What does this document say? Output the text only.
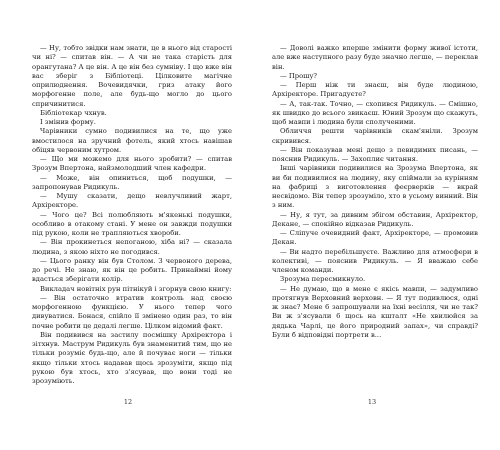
— Ну, тобто звідки нам знати, це в нього від старості чи ні? — спитав він. — А чи не така старість для орангутана? А це він. А це він без сумніву. І що вже він вас зберіг з Бібліотеці. Цілковите магічне оприлюднення. Вочевидячки, гриз атаку його морфогенне поле, але будь-що могло до цього спричинитися.

Бібліотекар чхнув.

І змінив форму.

Чарівники сумно подивилися на те, що уже вмостилося на зручний фотель, який хтось навішав обіцяв червоним хутром.

— Що ми можемо для нього зробити? — спитав Зрозум Впертона, найзмолодший член кафедри.

— Може, він опиниться, щоб подушки, — запропонував Ридикуль.

— Мушу сказати, дещо невлучливий жарт, Архіректоре.

— Чого це? Всі полюбляють м'якенькі подушки, особливо в отакому стані. У мене он завжди подушки під рукою, коли не трапляються хвороби.

— Він прокинеться непоганою, хіба ні? — сказала людина, з якою ніхто не погодився.

— Цього ранку він був Столом. З червоного дерева, до речі. Не знаю, як він це робить. Принаймні йому вдасться зберігати колір.

Викладач новітніх рун пітнікуй і згорнув свою книгу:

— Він остаточно втратив контроль над своєю морфогенною функцією. У нього тепер чого дивуватися. Бонася, спійло її змінено один раз, то він почне робити це дедалі легше. Цілком відомий факт.

Він подивився на застилу посмішку Архіректора і зітхнув. Маструм Ридикуль був знаменитий тим, що не тільки розуміє будь-що, але й почуває ноги — тільки якщо тільки хтось надавав щось зрозуміти, якщо під рукою був хтось, хто з'ясував, що вони тоді не зрозуміють.

12

— Доволі важко вперше змінити форму живої істоти, але вже наступного разу буде значно легше, — переклав він.

— Прошу?

— Перш ніж ти знаєш, він буде людиною, Архіректоре. Пригадуєте?

— А, так-так. Точно, — схопився Ридикуль. — Смішно, як швидко до всього звикаєш. Юний Зрозум що скажуть, щоб мавпи і людина були сполученими.

Обличчя решти чарівників скам'яніли. Зрозум скривився.

— Він показував мені дещо з певидимих писань, — пояснив Ридикуль. — Захоплиє читання.

Інші чарівники подивилися на Зрозума Впертона, як ви би подивилися на людину, яку спіймали за курінням на фабриці з виготовлення феєрверків — вкрай несвідомо. Він тепер зрозуміло, хто в усьому винний. Він з ним.

— Ну, я тут, за дивним збігом обставин, Архіректор, Декане, — спокійно відказав Ридикуль.

— Сліпуче очевидний факт, Архіректоре, — промовив Декан.

— Ви надто перебільшуєте. Важливо для атмосфери в колективі, — пояснив Ридикуль. — Я вважаю себе членом команди.

Зрозума пересмикнуло.

— Не думаю, що в мене є якісь мавпи, — задумливо протягнув Верховний верховн. — Я тут подивлюся, одні ж знає? Мене 6 запрошували на їхні весілля, чи не так? Ви ж з'ясували 6 щось на кшталт «Не хвилюйся за дядька Чарлі, це його природний запах», чи справді? Були б відповідні портрети в...

13
